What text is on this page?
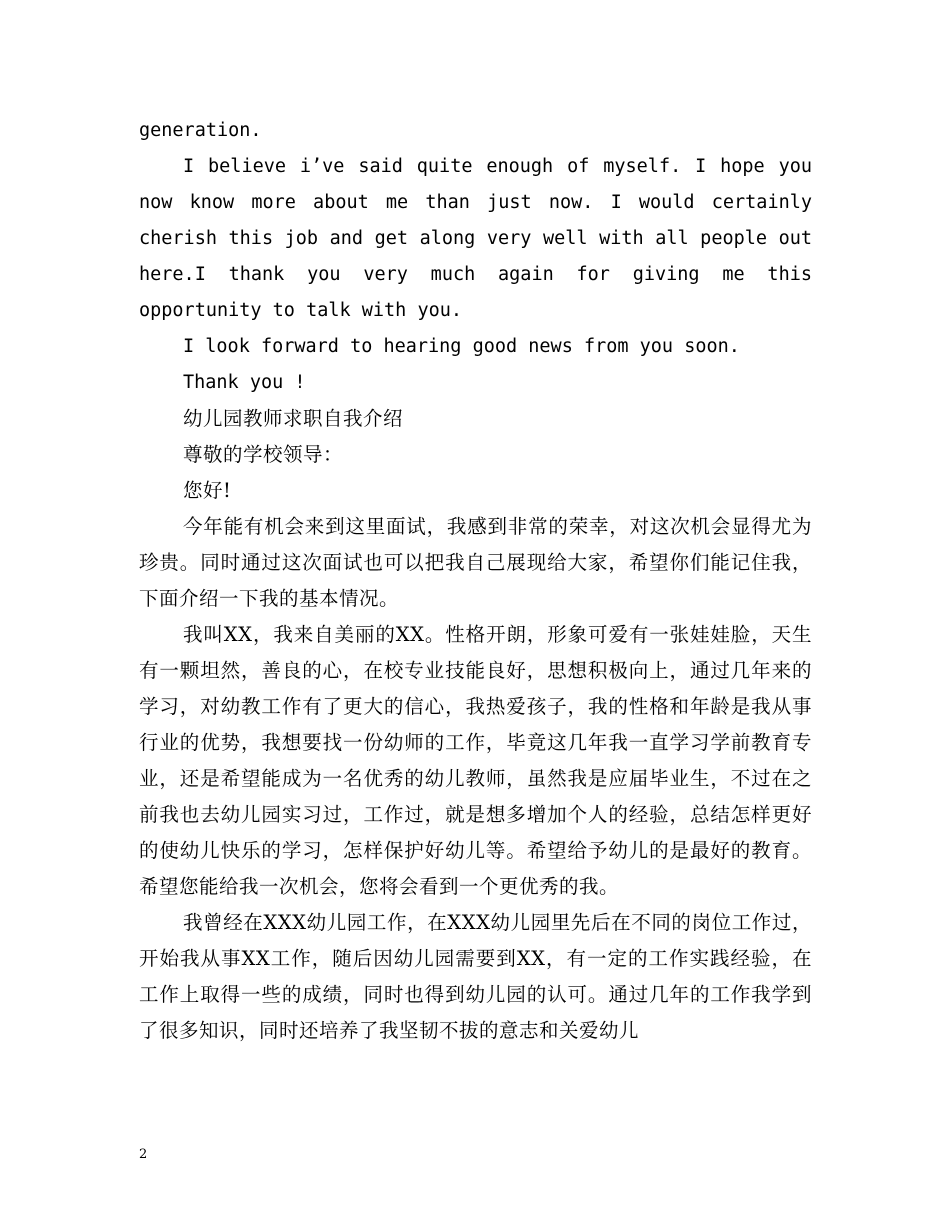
generation.

I believe i’ve said quite enough of myself. I hope you now know more about me than just now. I would certainly cherish this job and get along very well with all people out here.I thank you very much again for giving me this opportunity to talk with you.

I look forward to hearing good news from you soon.

Thank you !

幼儿园教师求职自我介绍

尊敬的学校领导：

您好!

今年能有机会来到这里面试，我感到非常的荣幸，对这次机会显得尤为珍贵。同时通过这次面试也可以把我自己展现给大家，希望你们能记住我，下面介绍一下我的基本情况。

我叫XX，我来自美丽的XX。性格开朗，形象可爱有一张娃娃脸，天生有一颗坦然，善良的心，在校专业技能良好，思想积极向上，通过几年来的学习，对幼教工作有了更大的信心，我热爱孩子，我的性格和年龄是我从事行业的优势，我想要找一份幼师的工作，毕竟这几年我一直学习学前教育专业，还是希望能成为一名优秀的幼儿教师，虽然我是应届毕业生，不过在之前我也去幼儿园实习过，工作过，就是想多增加个人的经验，总结怎样更好的使幼儿快乐的学习，怎样保护好幼儿等。希望给予幼儿的是最好的教育。希望您能给我一次机会，您将会看到一个更优秀的我。

我曾经在XXX幼儿园工作，在XXX幼儿园里先后在不同的岗位工作过，开始我从事XX工作，随后因幼儿园需要到XX，有一定的工作实践经验，在工作上取得一些的成绩，同时也得到幼儿园的认可。通过几年的工作我学到了很多知识，同时还培养了我坚韧不拔的意志和关爱幼儿

2
